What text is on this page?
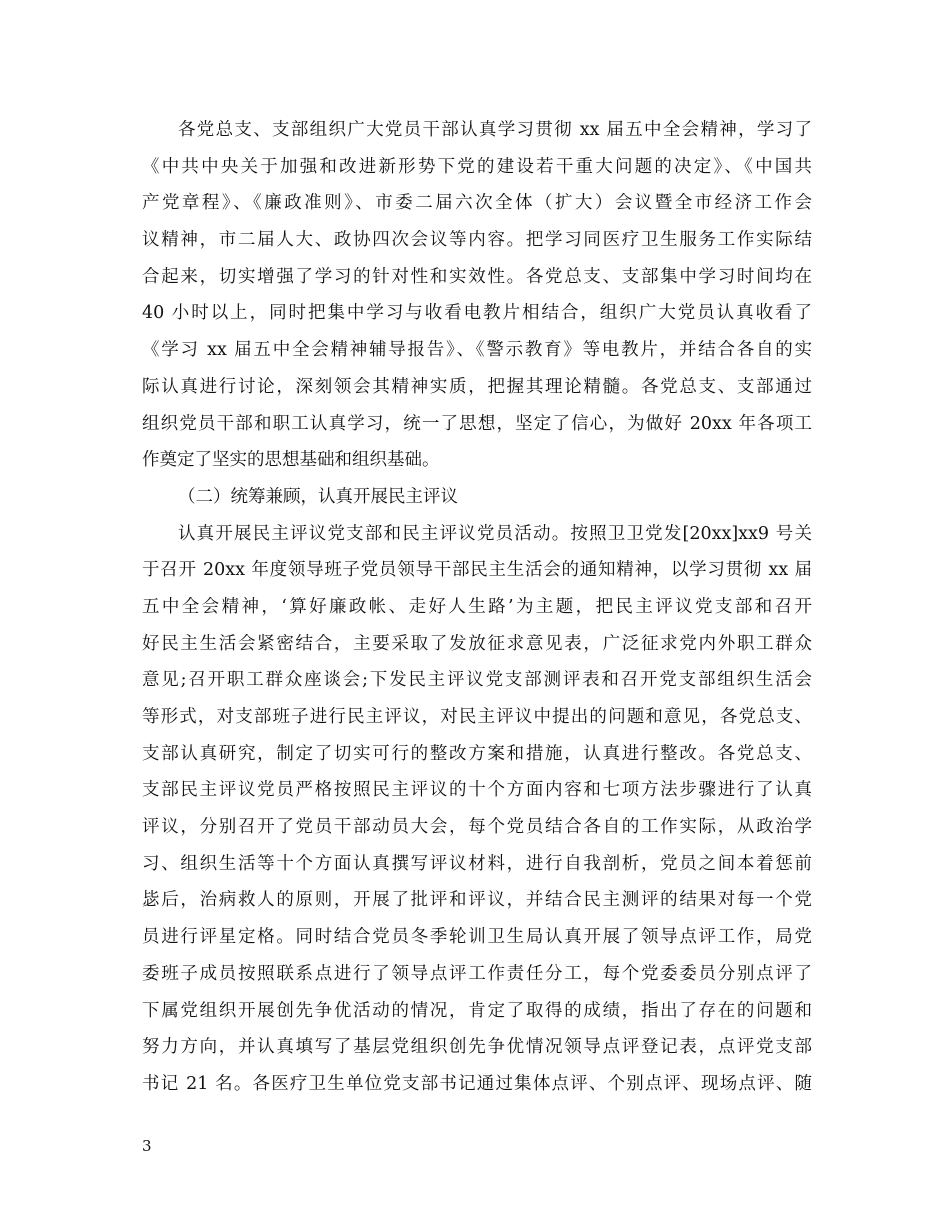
各党总支、支部组织广大党员干部认真学习贯彻 xx 届五中全会精神，学习了
《中共中央关于加强和改进新形势下党的建设若干重大问题的决定》、《中国共
产党章程》、《廉政准则》、市委二届六次全体（扩大）会议暨全市经济工作会
议精神，市二届人大、政协四次会议等内容。把学习同医疗卫生服务工作实际结
合起来，切实增强了学习的针对性和实效性。各党总支、支部集中学习时间均在
40 小时以上，同时把集中学习与收看电教片相结合，组织广大党员认真收看了
《学习 xx 届五中全会精神辅导报告》、《警示教育》等电教片，并结合各自的实
际认真进行讨论，深刻领会其精神实质，把握其理论精髓。各党总支、支部通过
组织党员干部和职工认真学习，统一了思想，坚定了信心，为做好 20xx 年各项工
作奠定了坚实的思想基础和组织基础。
（二）统筹兼顾，认真开展民主评议
认真开展民主评议党支部和民主评议党员活动。按照卫卫党发[20xx]xx9 号关
于召开 20xx 年度领导班子党员领导干部民主生活会的通知精神，以学习贯彻 xx 届
五中全会精神，‘算好廉政帐、走好人生路’为主题，把民主评议党支部和召开
好民主生活会紧密结合，主要采取了发放征求意见表，广泛征求党内外职工群众
意见;召开职工群众座谈会;下发民主评议党支部测评表和召开党支部组织生活会
等形式，对支部班子进行民主评议，对民主评议中提出的问题和意见，各党总支、
支部认真研究，制定了切实可行的整改方案和措施，认真进行整改。各党总支、
支部民主评议党员严格按照民主评议的十个方面内容和七项方法步骤进行了认真
评议，分别召开了党员干部动员大会，每个党员结合各自的工作实际，从政治学
习、组织生活等十个方面认真撰写评议材料，进行自我剖析，党员之间本着惩前
毖后，治病救人的原则，开展了批评和评议，并结合民主测评的结果对每一个党
员进行评星定格。同时结合党员冬季轮训卫生局认真开展了领导点评工作，局党
委班子成员按照联系点进行了领导点评工作责任分工，每个党委委员分别点评了
下属党组织开展创先争优活动的情况，肯定了取得的成绩，指出了存在的问题和
努力方向，并认真填写了基层党组织创先争优情况领导点评登记表，点评党支部
书记 21 名。各医疗卫生单位党支部书记通过集体点评、个别点评、现场点评、随
3
